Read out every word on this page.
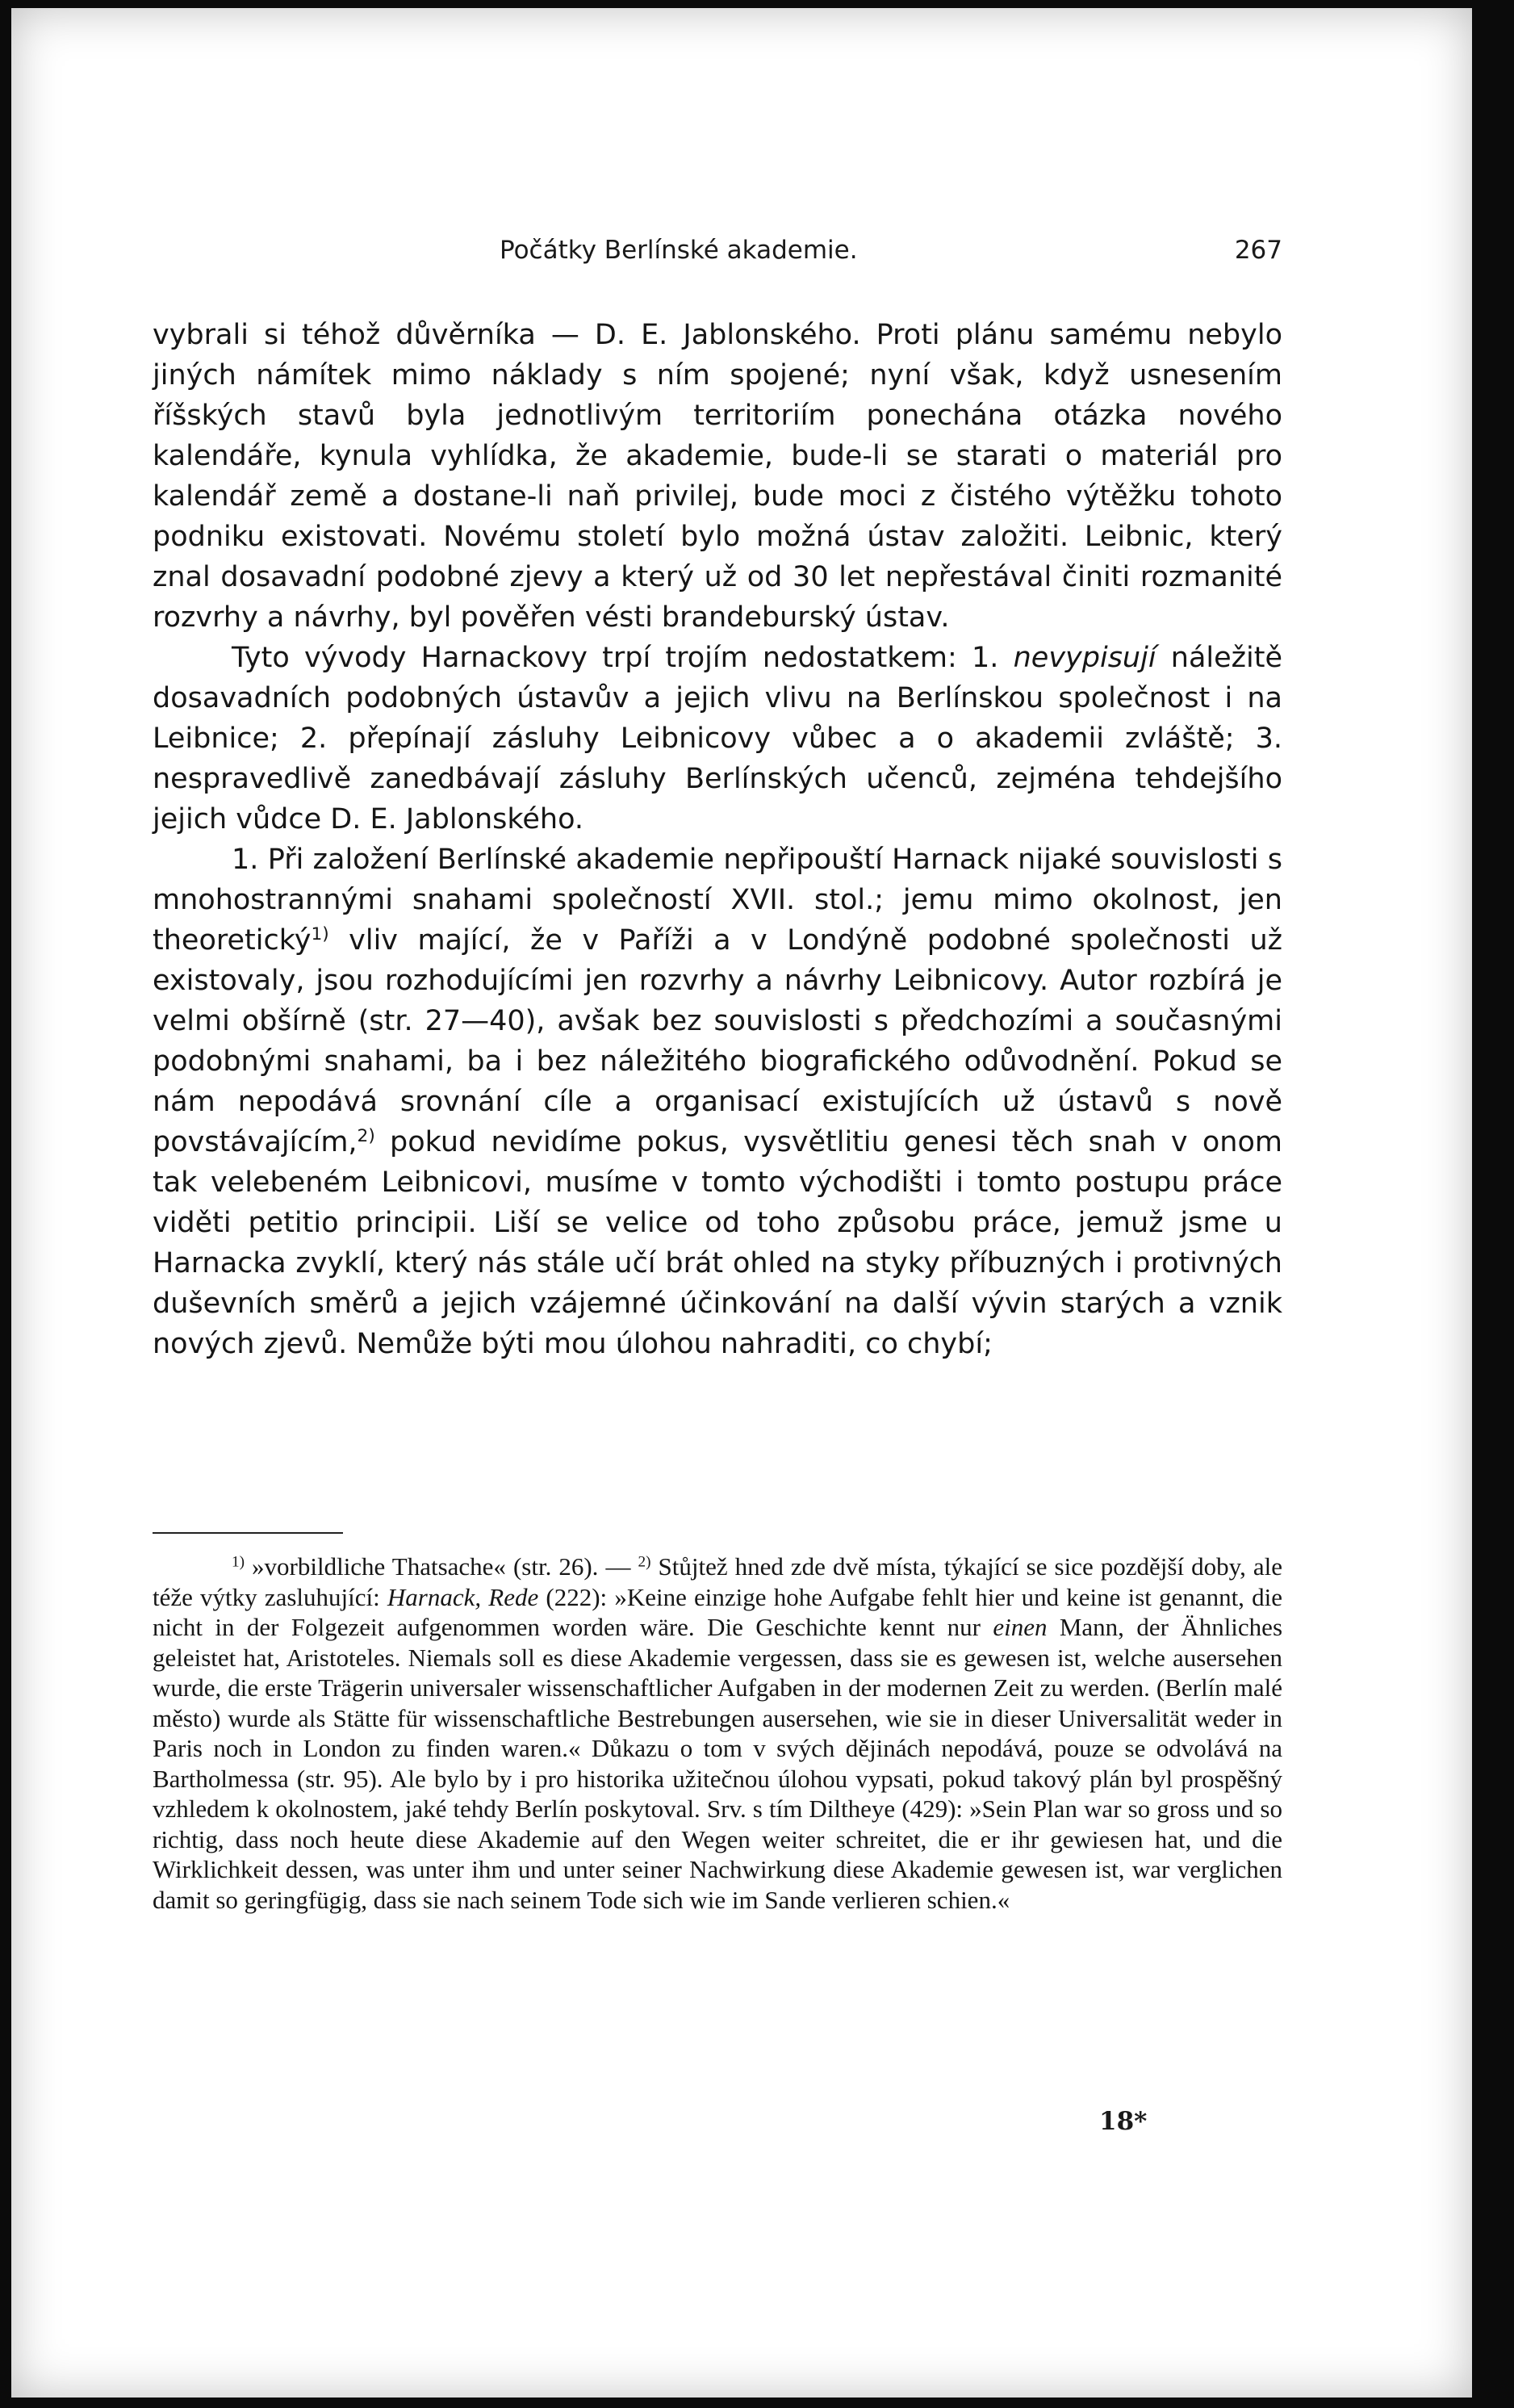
Počátky Berlínské akademie.	267

vybrali si téhož důvěrníka — D. E. Jablonského. Proti plánu samému nebylo jiných námítek mimo náklady s ním spojené; nyní však, když usnesením říšských stavů byla jednotlivým territoriím ponechána otázka nového kalendáře, kynula vyhlídka, že akademie, bude-li se starati o materiál pro kalendář země a dostane-li naň privilej, bude moci z čistého výtěžku tohoto podniku existovati. Novému století bylo možná ústav založiti. Leibnic, který znal dosavadní podobné zjevy a který už od 30 let nepřestával činiti rozmanité rozvrhy a návrhy, byl pověřen vésti brandeburský ústav.

Tyto vývody Harnackovy trpí trojím nedostatkem: 1. nevypisují náležitě dosavadních podobných ústavův a jejich vlivu na Berlínskou společnost i na Leibnice; 2. přepínají zásluhy Leibnicovy vůbec a o akademii zvláště; 3. nespravedlivě zanedbávají zásluhy Berlínských učenců, zejména tehdejšího jejich vůdce D. E. Jablonského.

1. Při založení Berlínské akademie nepřipouští Harnack nijaké souvislosti s mnohostrannými snahami společností XVII. stol.; jemu mimo okolnost, jen theoretický$^{1)}$ vliv mající, že v Paříži a v Londýně podobné společnosti už existovaly, jsou rozhodujícími jen rozvrhy a návrhy Leibnicovy. Autor rozbírá je velmi obšírně (str. 27—40), avšak bez souvislosti s předchozími a současnými podobnými snahami, ba i bez náležitého biografického odůvodnění. Pokud se nám nepodává srovnání cíle a organisací existujících už ústavů s nově povstávajícím,$^{2)}$ pokud nevidíme pokus, vysvětlitiu genesi těch snah v onom tak velebeném Leibnicovi, musíme v tomto východišti i tomto postupu práce viděti petitio principii. Liší se velice od toho způsobu práce, jemuž jsme u Harnacka zvyklí, který nás stále učí brát ohled na styky příbuzných i protivných duševních směrů a jejich vzájemné účinkování na další vývin starých a vznik nových zjevů. Nemůže býti mou úlohou nahraditi, co chybí;

$^{1)}$ »vorbildliche Thatsache« (str. 26). — $^{2)}$ Stůjtež hned zde dvě místa, týkající se sice pozdější doby, ale téže výtky zasluhující: Harnack, Rede (222): »Keine einzige hohe Aufgabe fehlt hier und keine ist genannt, die nicht in der Folgezeit aufgenommen worden wäre. Die Geschichte kennt nur einen Mann, der Ähnliches geleistet hat, Aristoteles. Niemals soll es diese Akademie vergessen, dass sie es gewesen ist, welche ausersehen wurde, die erste Trägerin universaler wissenschaftlicher Aufgaben in der modernen Zeit zu werden. (Berlín malé město) wurde als Stätte für wissenschaftliche Bestrebungen ausersehen, wie sie in dieser Universalität weder in Paris noch in London zu finden waren.« Důkazu o tom v svých dějinách nepodává, pouze se odvolává na Bartholmessa (str. 95). Ale bylo by i pro historika užitečnou úlohou vypsati, pokud takový plán byl prospěšný vzhledem k okolnostem, jaké tehdy Berlín poskytoval. Srv. s tím Diltheye (429): »Sein Plan war so gross und so richtig, dass noch heute diese Akademie auf den Wegen weiter schreitet, die er ihr gewiesen hat, und die Wirklichkeit dessen, was unter ihm und unter seiner Nachwirkung diese Akademie gewesen ist, war verglichen damit so geringfügig, dass sie nach seinem Tode sich wie im Sande verlieren schien.«

18*
